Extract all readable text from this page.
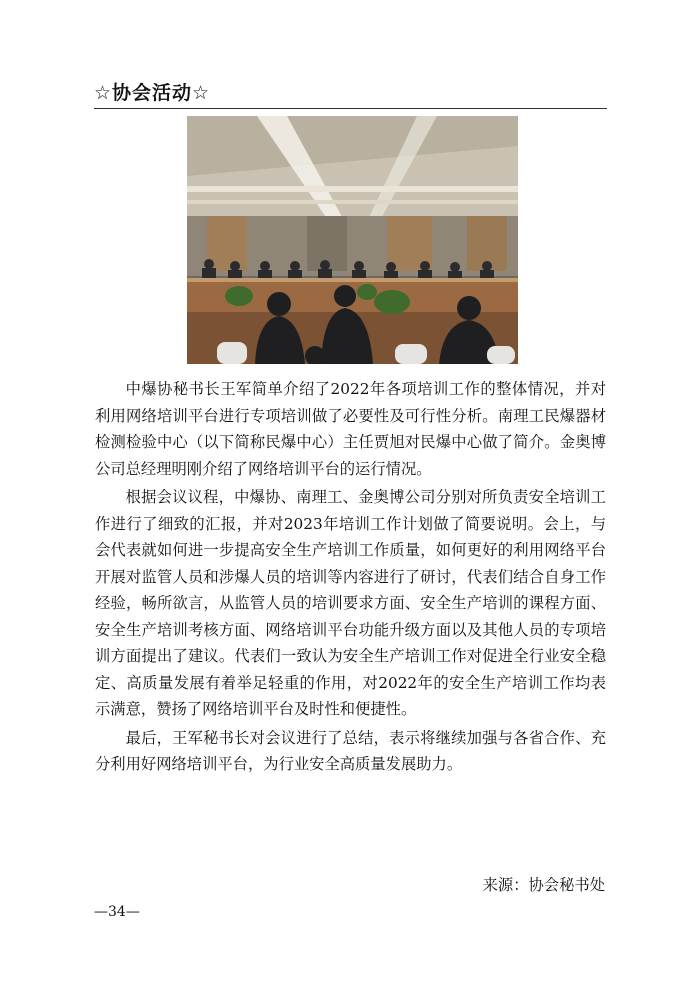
☆协会活动☆

中爆协秘书长王军简单介绍了2022年各项培训工作的整体情况，并对利用网络培训平台进行专项培训做了必要性及可行性分析。南理工民爆器材检测检验中心（以下简称民爆中心）主任贾旭对民爆中心做了简介。金奥博公司总经理明刚介绍了网络培训平台的运行情况。

根据会议议程，中爆协、南理工、金奥博公司分别对所负责安全培训工作进行了细致的汇报，并对2023年培训工作计划做了简要说明。会上，与会代表就如何进一步提高安全生产培训工作质量，如何更好的利用网络平台开展对监管人员和涉爆人员的培训等内容进行了研讨，代表们结合自身工作经验，畅所欲言，从监管人员的培训要求方面、安全生产培训的课程方面、安全生产培训考核方面、网络培训平台功能升级方面以及其他人员的专项培训方面提出了建议。代表们一致认为安全生产培训工作对促进全行业安全稳定、高质量发展有着举足轻重的作用，对2022年的安全生产培训工作均表示满意，赞扬了网络培训平台及时性和便捷性。

最后，王军秘书长对会议进行了总结，表示将继续加强与各省合作、充分利用好网络培训平台，为行业安全高质量发展助力。

来源：协会秘书处
—34—
